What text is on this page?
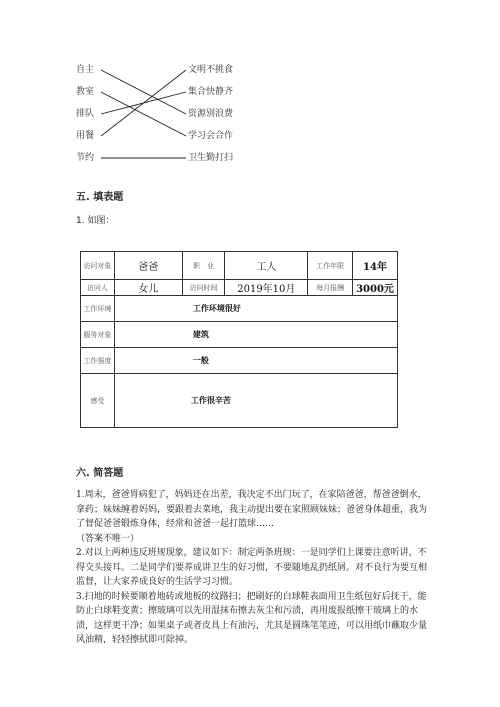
自主
教室
排队
用餐
节约
文明不挑食
集合快静齐
资源别浪费
学习会合作
卫生勤打扫
五. 填表题
1. 如图：
访问对象	爸爸	职　业	工人	工作年限	14年
访问人	女儿	访问时间	2019年10月	每月报酬	3000元
工作环境	工作环境很好				
服务对象	建筑				
工作强度	一般				
感受	工作很辛苦				
六. 简答题

1.周末，爸爸胃病犯了，妈妈还在出差，我决定不出门玩了，在家陪爸爸，帮爸爸倒水，拿药；妹妹缠着妈妈，要跟着去菜地，我主动提出要在家照顾妹妹；爸爸身体超重，我为了督促爸爸锻炼身体，经常和爸爸一起打篮球……

（答案不唯一）

2.对以上两种违反班规现象，建议如下：制定两条班规：一是同学们上课要注意听讲，不得交头接耳。二是同学们要养成讲卫生的好习惯，不要随地乱扔纸屑。对不良行为要互相监督，让大家养成良好的生活学习习惯。

3.扫地的时候要顺着地砖或地板的纹路扫；把刷好的白球鞋表面用卫生纸包好后抚干，能防止白球鞋变黄；擦玻璃可以先用湿抹布擦去灰尘和污渍，再用废报纸擦干玻璃上的水渍，这样更干净；如果桌子或者皮具上有油污，尤其是圆珠笔笔迹，可以用纸巾蘸取少量风油精，轻轻擦拭即可除掉。
